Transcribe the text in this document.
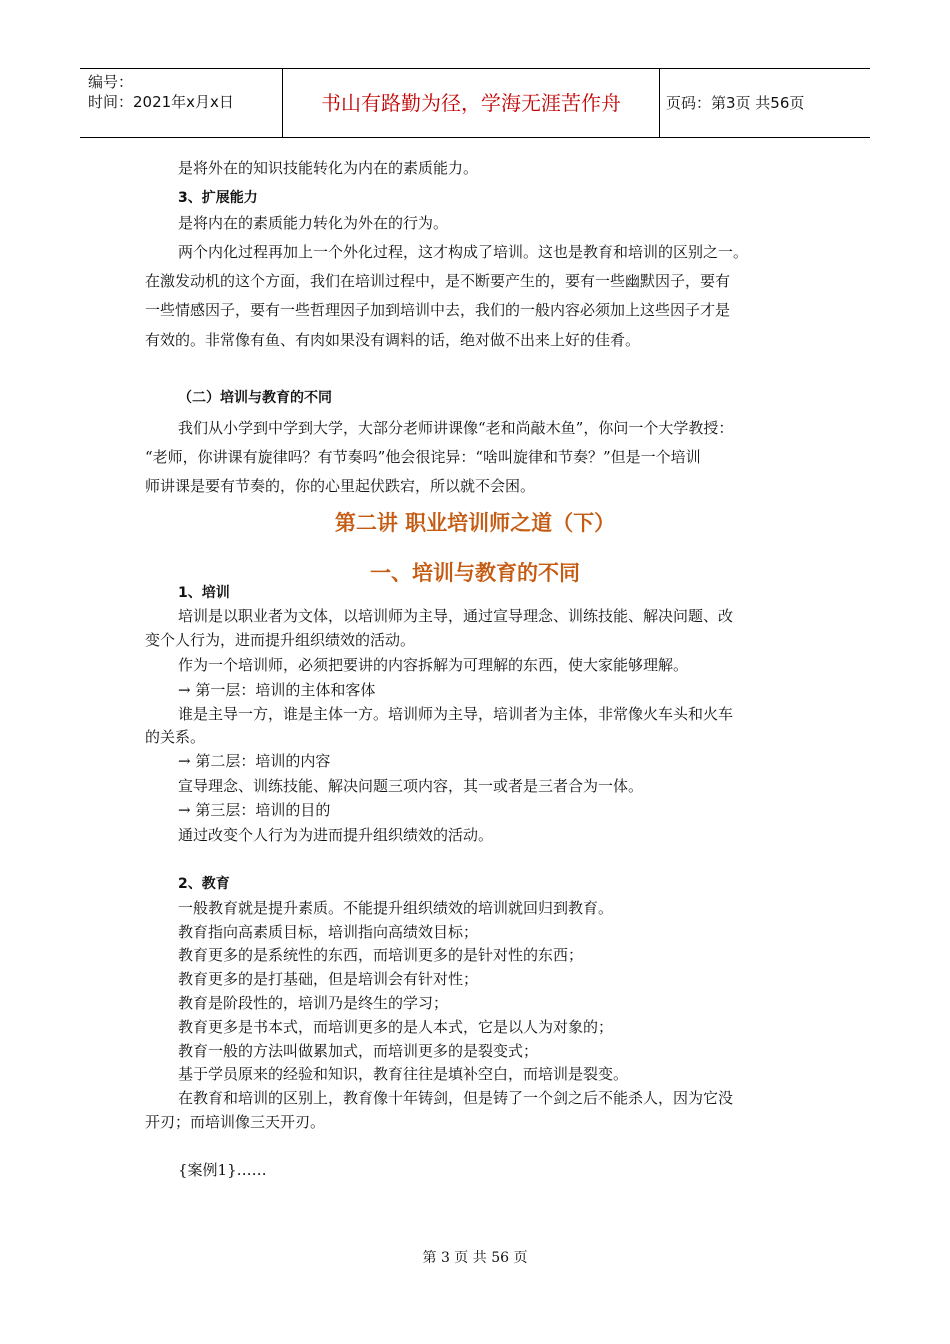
编号：
时间：2021年x月x日	书山有路勤为径，学海无涯苦作舟	页码：第3页 共56页
是将外在的知识技能转化为内在的素质能力。
3、扩展能力
是将内在的素质能力转化为外在的行为。
两个内化过程再加上一个外化过程，这才构成了培训。这也是教育和培训的区别之一。
在激发动机的这个方面，我们在培训过程中，是不断要产生的，要有一些幽默因子，要有
一些情感因子，要有一些哲理因子加到培训中去，我们的一般内容必须加上这些因子才是
有效的。非常像有鱼、有肉如果没有调料的话，绝对做不出来上好的佳肴。
（二）培训与教育的不同
我们从小学到中学到大学，大部分老师讲课像“老和尚敲木鱼”，你问一个大学教授：
“老师，你讲课有旋律吗？有节奏吗”他会很诧异：“啥叫旋律和节奏？”但是一个培训
师讲课是要有节奏的，你的心里起伏跌宕，所以就不会困。
第二讲 职业培训师之道（下）
一、培训与教育的不同
1、培训
培训是以职业者为文体，以培训师为主导，通过宣导理念、训练技能、解决问题、改
变个人行为，进而提升组织绩效的活动。
作为一个培训师，必须把要讲的内容拆解为可理解的东西，使大家能够理解。
→ 第一层：培训的主体和客体
谁是主导一方，谁是主体一方。培训师为主导，培训者为主体，非常像火车头和火车
的关系。
→ 第二层：培训的内容
宣导理念、训练技能、解决问题三项内容，其一或者是三者合为一体。
→ 第三层：培训的目的
通过改变个人行为为进而提升组织绩效的活动。
2、教育
一般教育就是提升素质。不能提升组织绩效的培训就回归到教育。
教育指向高素质目标，培训指向高绩效目标；
教育更多的是系统性的东西，而培训更多的是针对性的东西；
教育更多的是打基础，但是培训会有针对性；
教育是阶段性的，培训乃是终生的学习；
教育更多是书本式，而培训更多的是人本式，它是以人为对象的；
教育一般的方法叫做累加式，而培训更多的是裂变式；
基于学员原来的经验和知识，教育往往是填补空白，而培训是裂变。
在教育和培训的区别上，教育像十年铸剑，但是铸了一个剑之后不能杀人，因为它没
开刃；而培训像三天开刃。
{案例1}……
第 3 页 共 56 页
